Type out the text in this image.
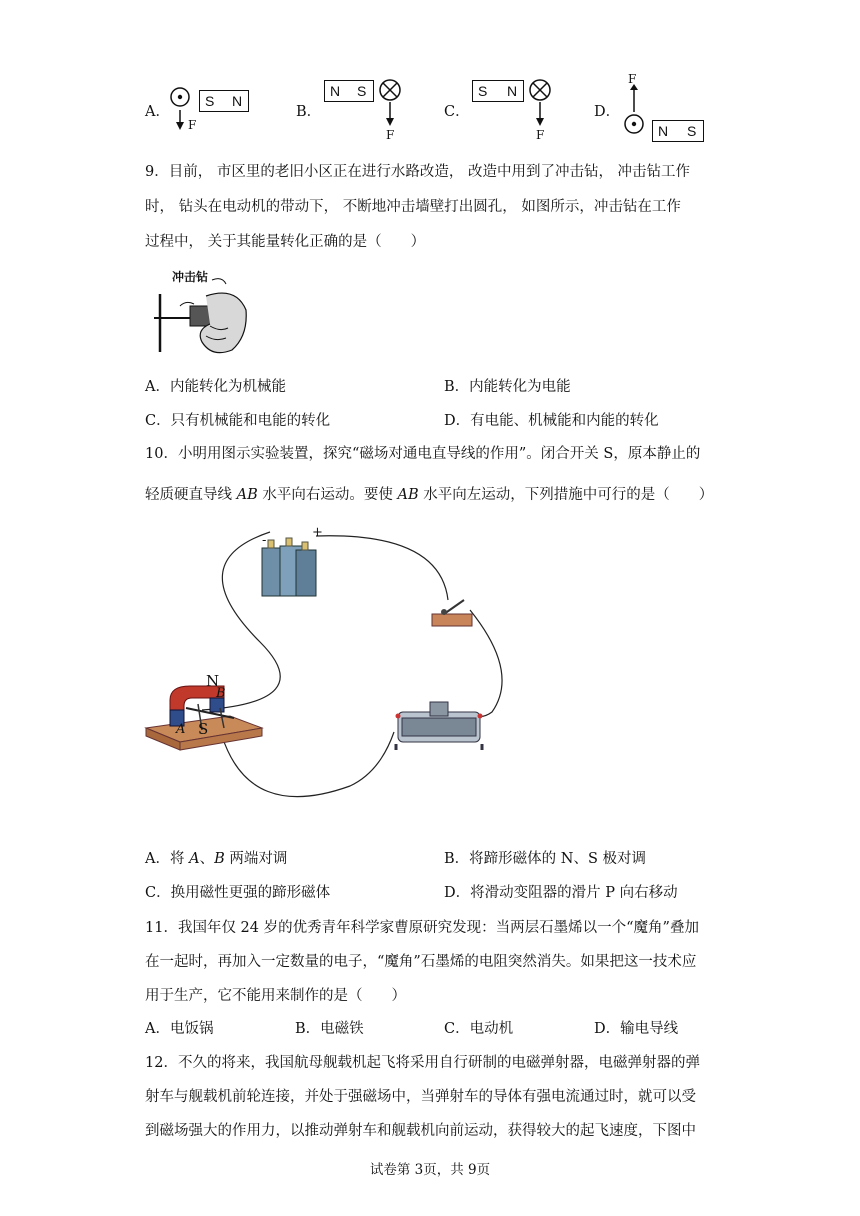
A．
F
S N
B．
N S
F
C．
S N
F
D．
F
N S
9．目前， 市区里的老旧小区正在进行水路改造， 改造中用到了冲击钻， 冲击钻工作
时， 钻头在电动机的带动下， 不断地冲击墙壁打出圆孔， 如图所示，冲击钻在工作
过程中， 关于其能量转化正确的是（　　）
冲击钻
A．内能转化为机械能	B．内能转化为电能
C．只有机械能和电能的转化	D．有电能、机械能和内能的转化
10．小明用图示实验装置，探究“磁场对通电直导线的作用”。闭合开关 S，原本静止的
轻质硬直导线 AB 水平向右运动。要使 AB 水平向左运动，下列措施中可行的是（　　）
-
+
N
B
A S
A．将 A、B 两端对调	B．将蹄形磁体的 N、S 极对调
C．换用磁性更强的蹄形磁体	D．将滑动变阻器的滑片 P 向右移动
11．我国年仅 24 岁的优秀青年科学家曹原研究发现：当两层石墨烯以一个“魔角”叠加
在一起时，再加入一定数量的电子，“魔角”石墨烯的电阻突然消失。如果把这一技术应
用于生产，它不能用来制作的是（　　）
A．电饭锅	B．电磁铁	C．电动机	D．输电导线
12．不久的将来，我国航母舰载机起飞将采用自行研制的电磁弹射器，电磁弹射器的弹
射车与舰载机前轮连接，并处于强磁场中，当弹射车的导体有强电流通过时，就可以受
到磁场强大的作用力，以推动弹射车和舰载机向前运动，获得较大的起飞速度，下图中
试卷第 3页，共 9页
